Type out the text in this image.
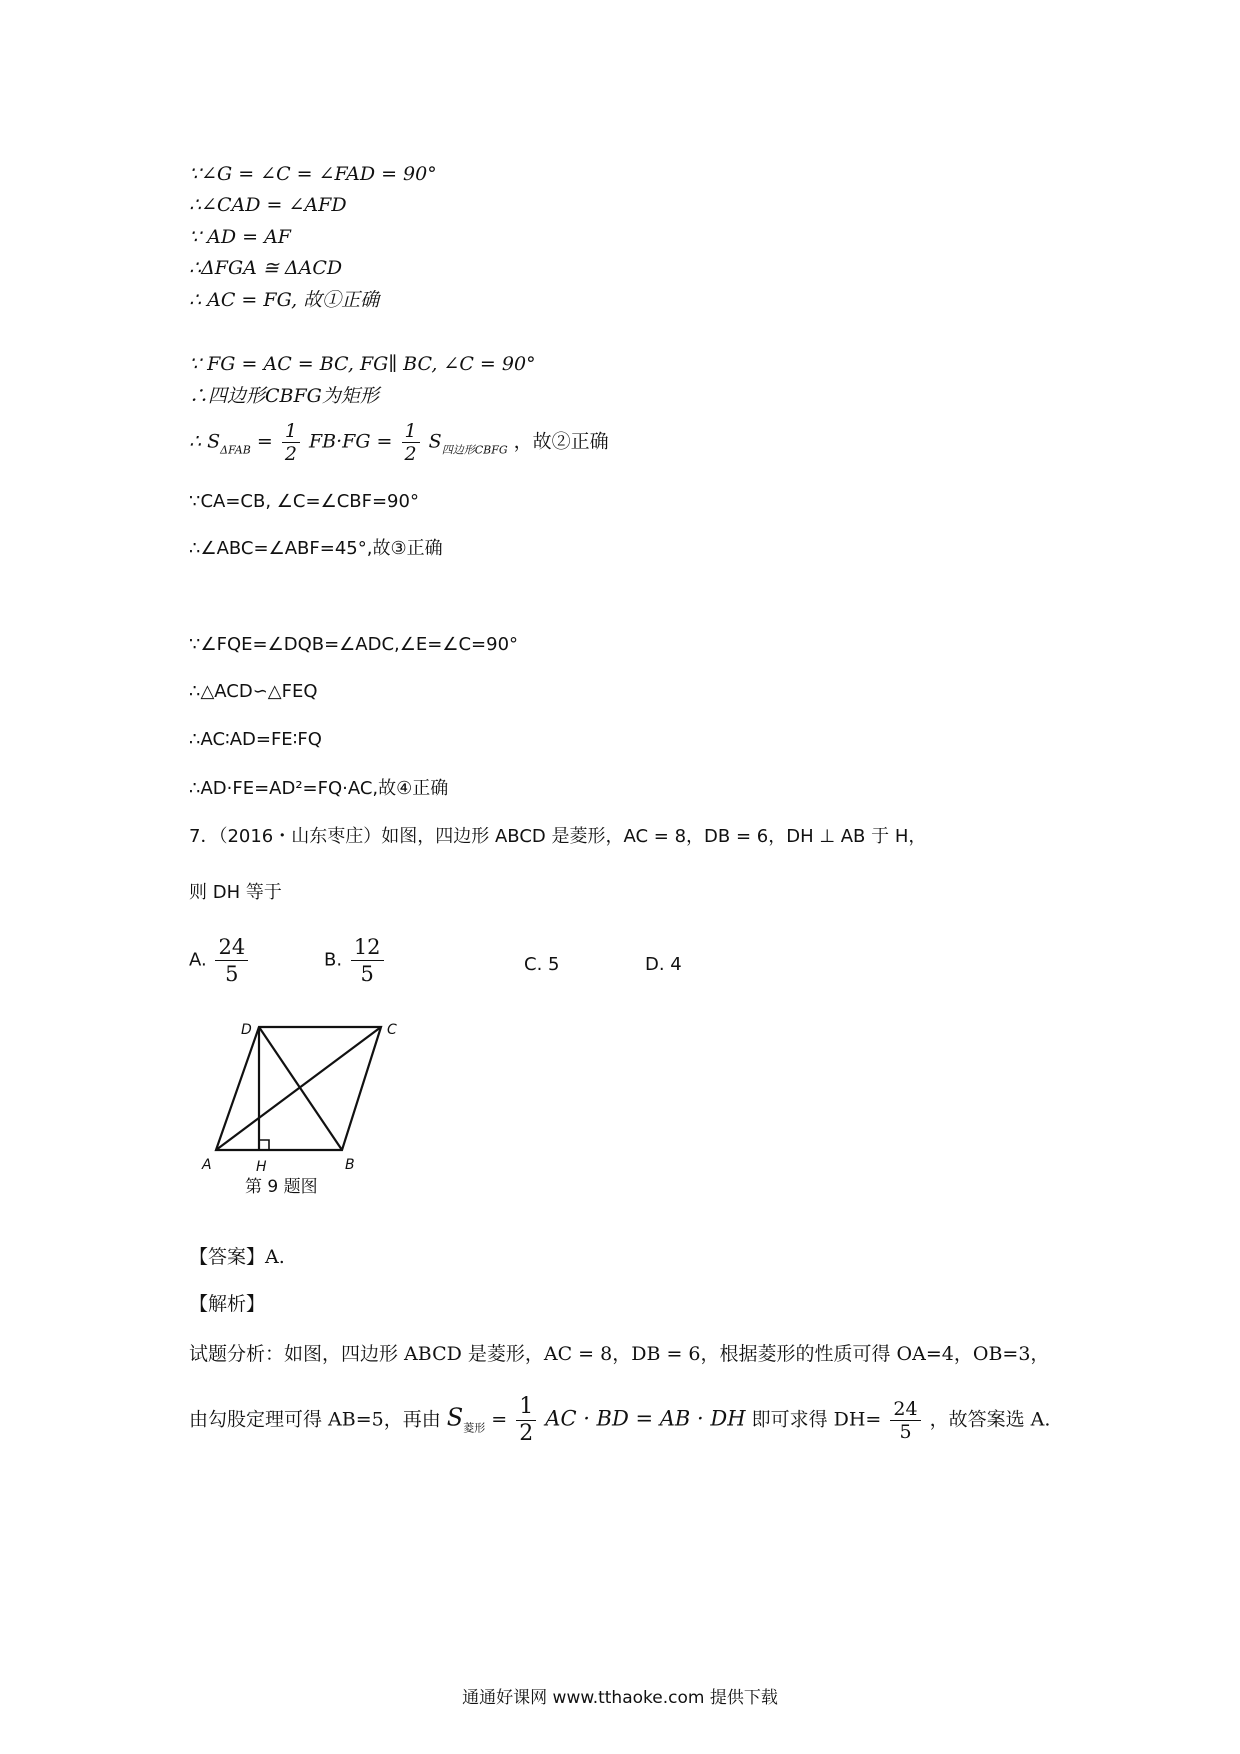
∵∠G = ∠C = ∠FAD = 90°
∴∠CAD = ∠AFD
∵ AD = AF
∴ΔFGA ≅ ΔACD
∴ AC = FG, 故①正确
∵ FG = AC = BC, FG∥ BC, ∠C = 90°
∴四边形CBFG为矩形
∴ $S_{\Delta FAB} = \frac{1}{2} FB\cdot FG = \frac{1}{2} S_{四边形CBFG}$ ，故②正确
∵CA=CB, ∠C=∠CBF=90°
∴∠ABC=∠ABF=45°,故③正确
∵∠FQE=∠DQB=∠ADC,∠E=∠C=90°
∴△ACD∽△FEQ
∴AC∶AD=FE∶FQ
∴AD·FE=AD²=FQ·AC,故④正确
7．（2016・山东枣庄）如图，四边形 ABCD 是菱形，AC = 8，DB = 6，DH ⊥ AB 于 H，
则 DH 等于
A. $\frac{24}{5}$	B. $\frac{12}{5}$	C. 5	D. 4
D	C
A	H	B
第 9 题图
【答案】A.
【解析】
试题分析：如图，四边形 ABCD 是菱形，AC = 8，DB = 6，根据菱形的性质可得 OA=4，OB=3，
由勾股定理可得 AB=5，再由 $S_{菱形} = \frac{1}{2}$ AC · BD = AB · DH 即可求得 $DH= \frac{24}{5}$ ，故答案选 A.
通通好课网 www.tthaoke.com 提供下载
